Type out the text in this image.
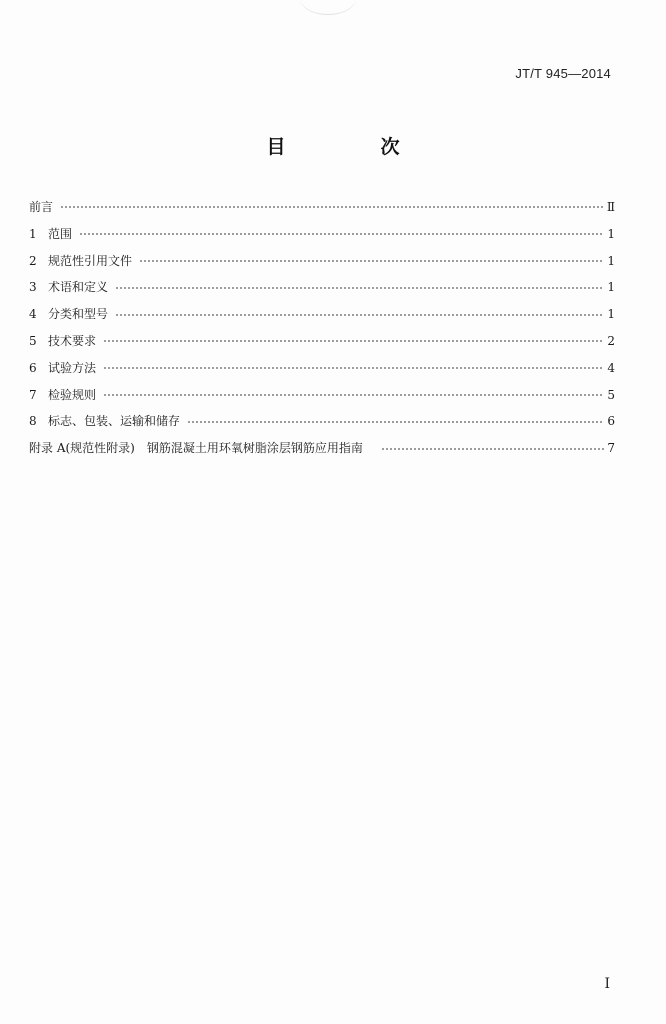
JT/T 945—2014
目　次
前言	Ⅱ
1 范围	1
2 规范性引用文件	1
3 术语和定义	1
4 分类和型号	1
5 技术要求	2
6 试验方法	4
7 检验规则	5
8 标志、包装、运输和储存	6
附录 A(规范性附录)　钢筋混凝土用环氧树脂涂层钢筋应用指南	7
I
